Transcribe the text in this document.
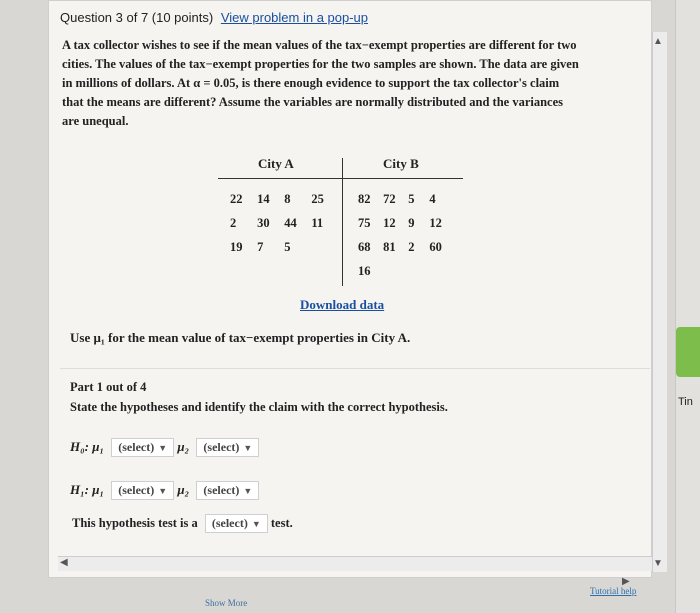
Tin
Question 3 of 7 (10 points) View problem in a pop-up
A tax collector wishes to see if the mean values of the tax−exempt properties are different for two
cities. The values of the tax−exempt properties for the two samples are shown. The data are given
in millions of dollars. At α = 0.05, is there enough evidence to support the tax collector's claim
that the means are different? Assume the variables are normally distributed and the variances
are unequal.
City A	City B
22 14 8 25
2 30 44 11
19 7 5
82 72 5 4
75 12 9 12
68 81 2 60
16
Download data
Use μ₁ for the mean value of tax−exempt properties in City A.
Part 1 out of 4
State the hypotheses and identify the claim with the correct hypothesis.
H₀: μ₁ (select) ▼ μ₂ (select) ▼
H₁: μ₁ (select) ▼ μ₂ (select) ▼
This hypothesis test is a (select) ▼ test.
▲
▼
◀
▶
Tutorial help
Show More
